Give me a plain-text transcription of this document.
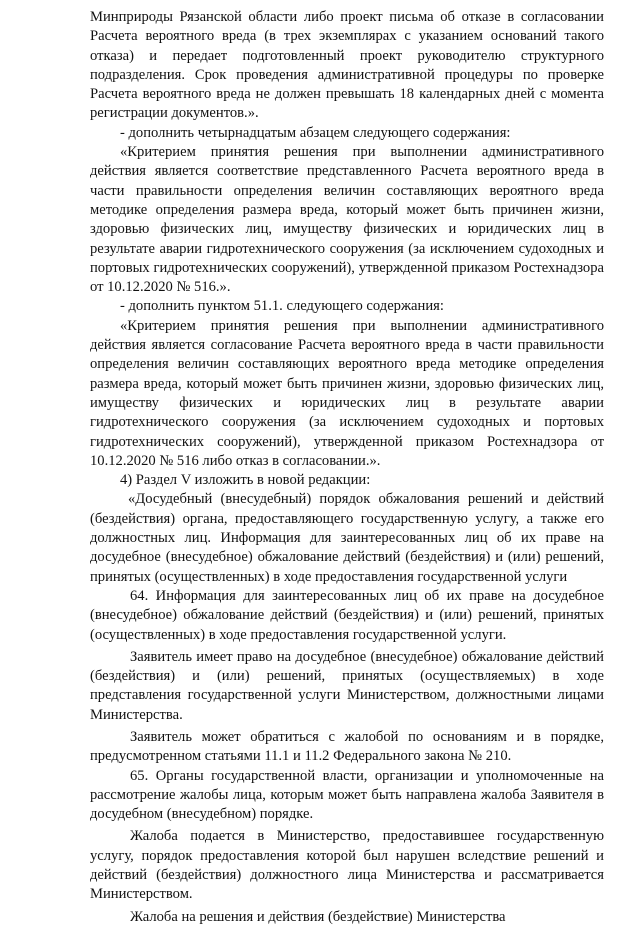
Минприроды Рязанской области либо проект письма об отказе в согласовании Расчета вероятного вреда (в трех экземплярах с указанием оснований такого отказа) и передает подготовленный проект руководителю структурного подразделения. Срок проведения административной процедуры по проверке Расчета вероятного вреда не должен превышать 18 календарных дней с момента регистрации документов.».

- дополнить четырнадцатым абзацем следующего содержания:

«Критерием принятия решения при выполнении административного действия является соответствие представленного Расчета вероятного вреда в части правильности определения величин составляющих вероятного вреда методике определения размера вреда, который может быть причинен жизни, здоровью физических лиц, имуществу физических и юридических лиц в результате аварии гидротехнического сооружения (за исключением судоходных и портовых гидротехнических сооружений), утвержденной приказом Ростехнадзора от 10.12.2020 № 516.».

- дополнить пунктом 51.1. следующего содержания:

«Критерием принятия решения при выполнении административного действия является согласование Расчета вероятного вреда в части правильности определения величин составляющих вероятного вреда методике определения размера вреда, который может быть причинен жизни, здоровью физических лиц, имуществу физических и юридических лиц в результате аварии гидротехнического сооружения (за исключением судоходных и портовых гидротехнических сооружений), утвержденной приказом Ростехнадзора от 10.12.2020 № 516 либо отказ в согласовании.».

4) Раздел V изложить в новой редакции:

«Досудебный (внесудебный) порядок обжалования решений и действий (бездействия) органа, предоставляющего государственную услугу, а также его должностных лиц. Информация для заинтересованных лиц об их праве на досудебное (внесудебное) обжалование действий (бездействия) и (или) решений, принятых (осуществленных) в ходе предоставления государственной услуги

64. Информация для заинтересованных лиц об их праве на досудебное (внесудебное) обжалование действий (бездействия) и (или) решений, принятых (осуществленных) в ходе предоставления государственной услуги.

Заявитель имеет право на досудебное (внесудебное) обжалование действий (бездействия) и (или) решений, принятых (осуществляемых) в ходе представления государственной услуги Министерством, должностными лицами Министерства.

Заявитель может обратиться с жалобой по основаниям и в порядке, предусмотренном статьями 11.1 и 11.2 Федерального закона № 210.

65. Органы государственной власти, организации и уполномоченные на рассмотрение жалобы лица, которым может быть направлена жалоба Заявителя в досудебном (внесудебном) порядке.

Жалоба подается в Министерство, предоставившее государственную услугу, порядок предоставления которой был нарушен вследствие решений и действий (бездействия) должностного лица Министерства и рассматривается Министерством.

Жалоба на решения и действия (бездействие) Министерства
